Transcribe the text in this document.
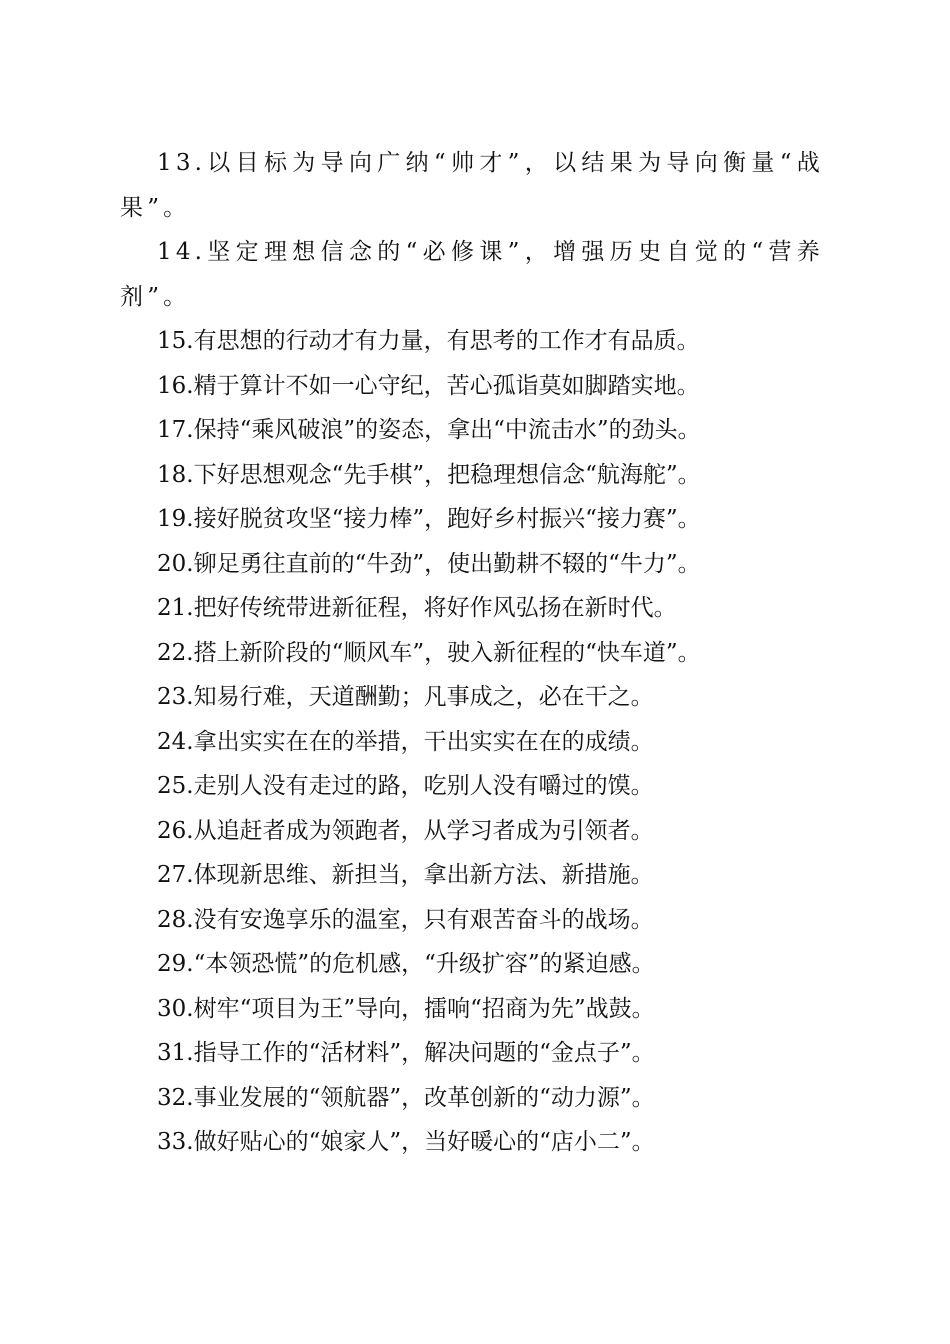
13.以目标为导向广纳“帅才”，以结果为导向衡量“战果”。

14.坚定理想信念的“必修课”，增强历史自觉的“营养剂”。

15.有思想的行动才有力量，有思考的工作才有品质。

16.精于算计不如一心守纪，苦心孤诣莫如脚踏实地。

17.保持“乘风破浪”的姿态，拿出“中流击水”的劲头。

18.下好思想观念“先手棋”，把稳理想信念“航海舵”。

19.接好脱贫攻坚“接力棒”，跑好乡村振兴“接力赛”。

20.铆足勇往直前的“牛劲”，使出勤耕不辍的“牛力”。

21.把好传统带进新征程，将好作风弘扬在新时代。

22.搭上新阶段的“顺风车”，驶入新征程的“快车道”。

23.知易行难，天道酬勤；凡事成之，必在干之。

24.拿出实实在在的举措，干出实实在在的成绩。

25.走别人没有走过的路，吃别人没有嚼过的馍。

26.从追赶者成为领跑者，从学习者成为引领者。

27.体现新思维、新担当，拿出新方法、新措施。

28.没有安逸享乐的温室，只有艰苦奋斗的战场。

29.“本领恐慌”的危机感，“升级扩容”的紧迫感。

30.树牢“项目为王”导向，擂响“招商为先”战鼓。

31.指导工作的“活材料”，解决问题的“金点子”。

32.事业发展的“领航器”，改革创新的“动力源”。

33.做好贴心的“娘家人”，当好暖心的“店小二”。
